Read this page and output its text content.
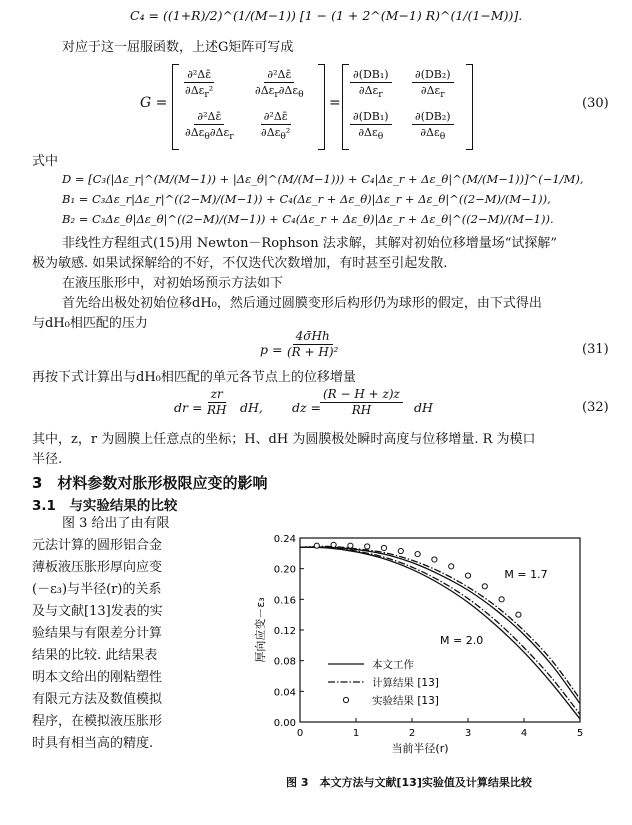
C₄ = ((1+R)/2)^(1/(M−1)) [1 − (1 + 2^(M−1) R)^(1/(1−M))].
对应于这一屈服函数，上述G矩阵可写成
G =
$\frac{\text{∂²Δε̄}}{\partial\Delta\varepsilon_r^2}$	$\frac{\text{∂²Δε̄}}{\partial\Delta\varepsilon_r\partial\Delta\varepsilon_\theta}$
$\frac{\text{∂²Δε̄}}{\partial\Delta\varepsilon_\theta\partial\Delta\varepsilon_r} \frac{\text{∂²Δε̄}}{\partial\Delta\varepsilon_\theta^2}$
=
$\frac{\text{∂(DB₁)}}{\partial\Delta\varepsilon_r} \frac{\text{∂(DB₂)}}{\partial\Delta\varepsilon_r}$
$\frac{\text{∂(DB₁)}}{\partial\Delta\varepsilon_\theta} \frac{\text{∂(DB₂)}}{\partial\Delta\varepsilon_\theta}$
(30)
式中
D = [C₃(|Δε_r|^(M/(M−1)) + |Δε_θ|^(M/(M−1))) + C₄|Δε_r + Δε_θ|^(M/(M−1))]^(−1/M),
B₁ = C₃Δε_r|Δε_r|^((2−M)/(M−1)) + C₄(Δε_r + Δε_θ)|Δε_r + Δε_θ|^((2−M)/(M−1)),
B₂ = C₃Δε_θ|Δε_θ|^((2−M)/(M−1)) + C₄(Δε_r + Δε_θ)|Δε_r + Δε_θ|^((2−M)/(M−1)).
非线性方程组式(15)用 Newton－Rophson 法求解，其解对初始位移增量场“试探解”
极为敏感. 如果试探解给的不好，不仅迭代次数增加，有时甚至引起发散.
在液压胀形中，对初始场预示方法如下
首先给出极处初始位移dH₀，然后通过圆膜变形后构形仍为球形的假定，由下式得出
与dH₀相匹配的压力
$p = \frac{4\sigmāHh}{\text{(R + H)²}}$	(31)
再按下式计算出与dH₀相匹配的单元各节点上的位移增量
dr = $\frac{zr}{RH}$ dH, dz =
$\frac{(R - H + z)z}{RH}$ dH	(32)
其中，z，r 为圆膜上任意点的坐标；H、dH 为圆膜极处瞬时高度与位移增量. R 为模口
半径.
3　材料参数对胀形极限应变的影响
3.1　与实验结果的比较
图 3 给出了由有限
元法计算的圆形铝合金
薄板液压胀形厚向应变
(－ε₃)与半径(r)的关系
及与文献[13]发表的实
验结果与有限差分计算
结果的比较. 此结果表
明本文给出的刚粘塑性
有限元方法及数值模拟
程序，在模拟液压胀形
时具有相当高的精度.
0.00
0.04
0.08
0.12
0.16
0.20
0.24
0	1	2	3	4	5
本文工作
计算结果 [13]
实验结果 [13]
厚向应变－ε₃
当前半径(r)
M = 1.7
M = 2.0
图 3　本文方法与文献[13]实验值及计算结果比较
